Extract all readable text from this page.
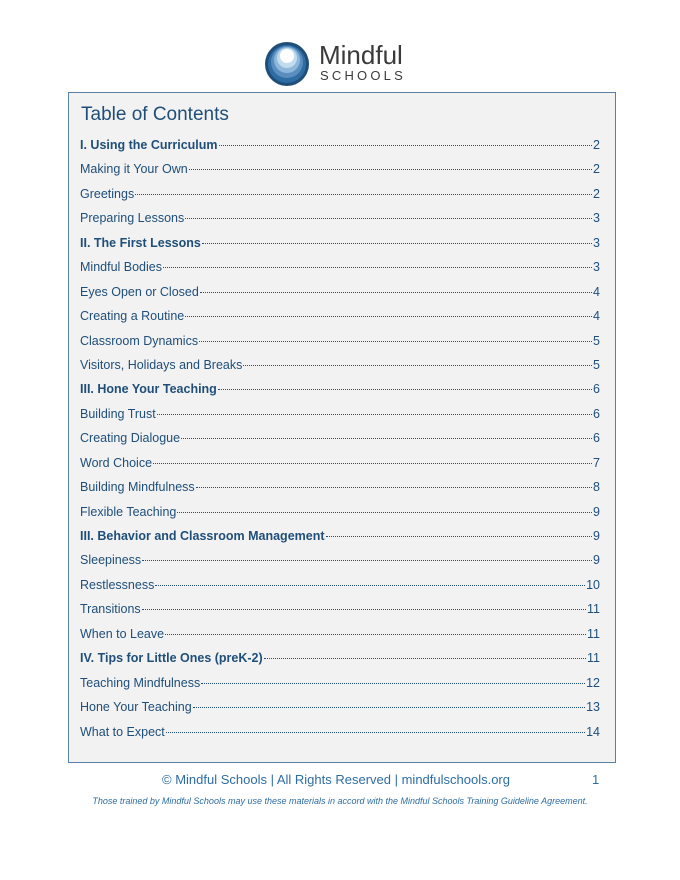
Mindful
SCHOOLS
Table of Contents
I. Using the Curriculum	2
Making it Your Own	2
Greetings	2
Preparing Lessons	3
II. The First Lessons	3
Mindful Bodies	3
Eyes Open or Closed	4
Creating a Routine	4
Classroom Dynamics	5
Visitors, Holidays and Breaks	5
III. Hone Your Teaching	6
Building Trust	6
Creating Dialogue	6
Word Choice	7
Building Mindfulness	8
Flexible Teaching	9
III. Behavior and Classroom Management	9
Sleepiness	9
Restlessness	10
Transitions	11
When to Leave	11
IV. Tips for Little Ones (preK-2)	11
Teaching Mindfulness	12
Hone Your Teaching	13
What to Expect	14
© Mindful Schools | All Rights Reserved | mindfulschools.org	1
Those trained by Mindful Schools may use these materials in accord with the Mindful Schools Training Guideline Agreement.
